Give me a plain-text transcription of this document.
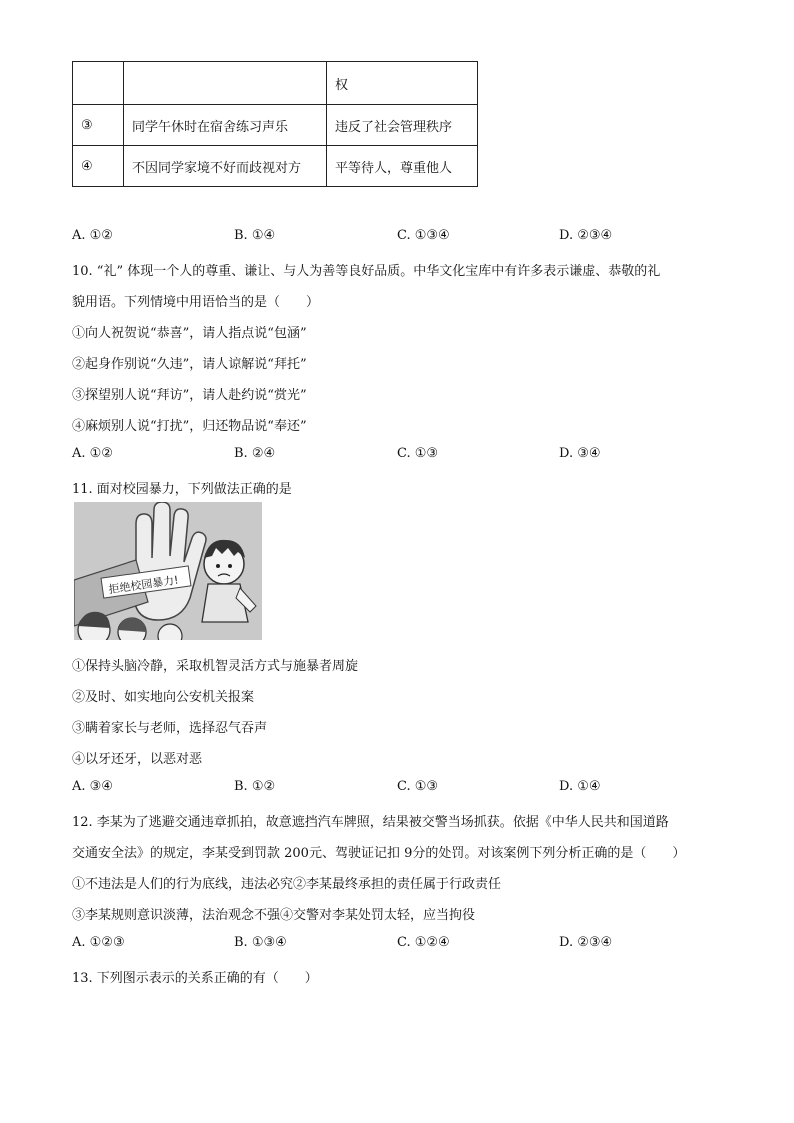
		权
③	同学午休时在宿舍练习声乐	违反了社会管理秩序
④	不因同学家境不好而歧视对方	平等待人，尊重他人
A. ①②	B. ①④	C. ①③④	D. ②③④
10. “礼” 体现一个人的尊重、谦让、与人为善等良好品质。中华文化宝库中有许多表示谦虚、恭敬的礼
貌用语。下列情境中用语恰当的是（　　）
①向人祝贺说“恭喜”，请人指点说“包涵”
②起身作别说“久违”，请人谅解说“拜托”
③探望别人说“拜访”，请人赴约说“赏光”
④麻烦别人说“打扰”，归还物品说“奉还”
A. ①②	B. ②④	C. ①③	D. ③④
11. 面对校园暴力，下列做法正确的是
拒绝校园暴力!
①保持头脑冷静，采取机智灵活方式与施暴者周旋
②及时、如实地向公安机关报案
③瞒着家长与老师，选择忍气吞声
④以牙还牙，以恶对恶
A. ③④	B. ①②	C. ①③	D. ①④
12. 李某为了逃避交通违章抓拍，故意遮挡汽车牌照，结果被交警当场抓获。依据《中华人民共和国道路
交通安全法》的规定，李某受到罚款 200元、驾驶证记扣 9分的处罚。对该案例下列分析正确的是（　　）
①不违法是人们的行为底线，违法必究②李某最终承担的责任属于行政责任
③李某规则意识淡薄，法治观念不强④交警对李某处罚太轻，应当拘役
A. ①②③	B. ①③④	C. ①②④	D. ②③④
13. 下列图示表示的关系正确的有（　　）
